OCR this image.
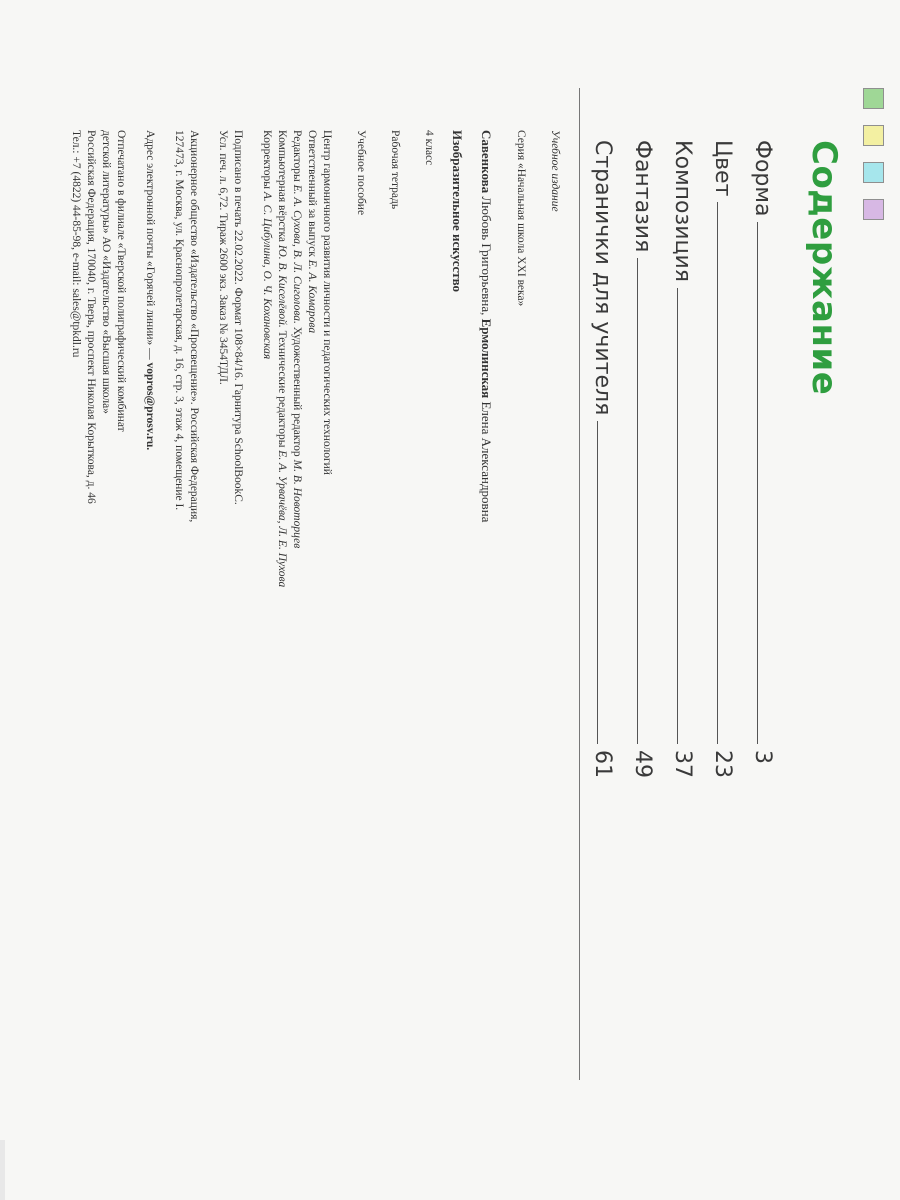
Содержание
Форма
3
Цвет
23
Композиция
37
Фантазия
49
Странички для учителя
61

Учебное издание

Серия «Начальная школа XXI века»

Савенкова Любовь Григорьевна, Ермолинская Елена Александровна

Изобразительное искусство

4 класс

Рабочая тетрадь

Учебное пособие

Центр гармоничного развития личности и педагогических технологий

Ответственный за выпуск Е. А. Комарова

Редакторы Е. А. Сухова, В. Л. Сиголова. Художественный редактор М. В. Новоторцев

Компьютерная вёрстка Ю. В. Киселёвой. Технические редакторы Е. А. Урвачёва, Л. Е. Пухова

Корректоры А. С. Цибулина, О. Ч. Кохановская

Подписано в печать 22.02.2022. Формат 108×84/16. Гарнитура SchoolBookC.

Усл. печ. л. 6,72. Тираж 2600 экз. Заказ № 3454ТДЛ.

Акционерное общество «Издательство «Просвещение». Российская Федерация,

127473, г. Москва, ул. Краснопролетарская, д. 16, стр. 3, этаж 4, помещение I.

Адрес электронной почты «Горячей линии» — vopros@prosv.ru.

Отпечатано в филиале «Тверской полиграфический комбинат

детской литературы» АО «Издательство «Высшая школа»

Российская Федерация, 170040, г. Тверь, проспект Николая Корыткова, д. 46

Тел.: +7 (4822) 44-85-98, e-mail: sales@tpkdl.ru
